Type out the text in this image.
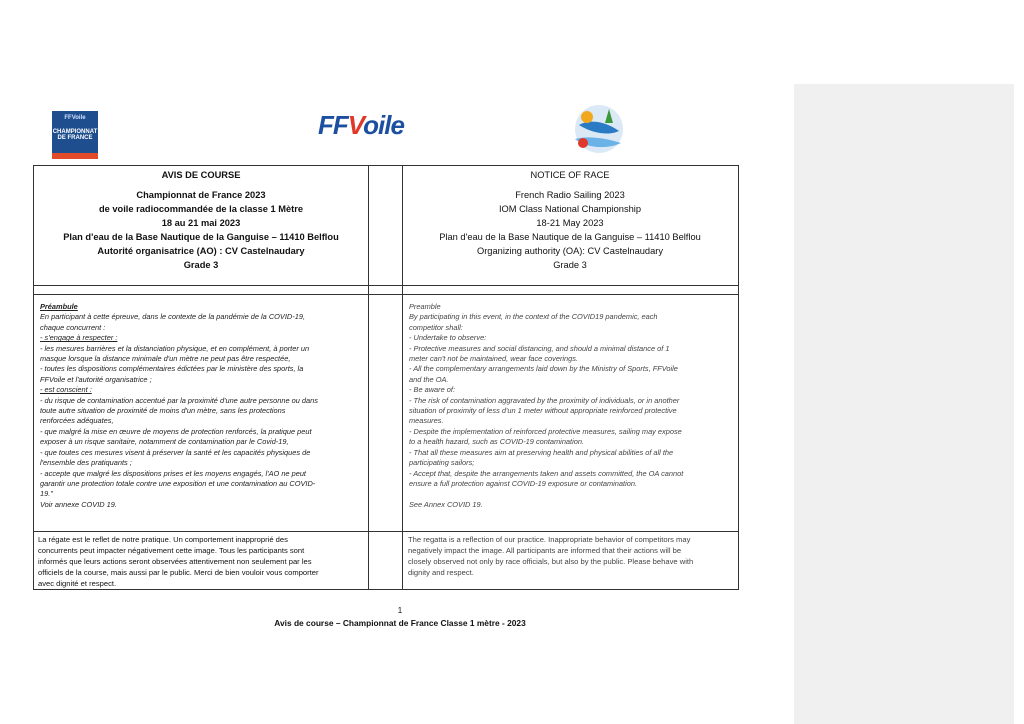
FFVoile
CHAMPIONNAT DE FRANCE	FFVoile
AVIS DE COURSE
Championnat de France 2023
de voile radiocommandée de la classe 1 Mètre
18 au 21 mai 2023
Plan d'eau de la Base Nautique de la Ganguise – 11410 Belflou
Autorité organisatrice (AO) : CV Castelnaudary
Grade 3
NOTICE OF RACE
French Radio Sailing 2023
IOM Class National Championship
18-21 May 2023
Plan d'eau de la Base Nautique de la Ganguise – 11410 Belflou
Organizing authority (OA): CV Castelnaudary
Grade 3
Préambule
En participant à cette épreuve, dans le contexte de la pandémie de la COVID-19,
chaque concurrent :
- s'engage à respecter :
- les mesures barrières et la distanciation physique, et en complément, à porter un
masque lorsque la distance minimale d'un mètre ne peut pas être respectée,
- toutes les dispositions complémentaires édictées par le ministère des sports, la
FFVoile et l'autorité organisatrice ;
- est conscient :
- du risque de contamination accentué par la proximité d'une autre personne ou dans
toute autre situation de proximité de moins d'un mètre, sans les protections
renforcées adéquates,
- que malgré la mise en œuvre de moyens de protection renforcés, la pratique peut
exposer à un risque sanitaire, notamment de contamination par le Covid-19,
- que toutes ces mesures visent à préserver la santé et les capacités physiques de
l'ensemble des pratiquants ;
- accepte que malgré les dispositions prises et les moyens engagés, l'AO ne peut
garantir une protection totale contre une exposition et une contamination au COVID-
19."
Voir annexe COVID 19.
Preamble
By participating in this event, in the context of the COVID19 pandemic, each
competitor shall:
- Undertake to observe:
- Protective measures and social distancing, and should a minimal distance of 1
meter can't not be maintained, wear face coverings.
- All the complementary arrangements laid down by the Ministry of Sports, FFVoile
and the OA.
- Be aware of:
- The risk of contamination aggravated by the proximity of individuals, or in another
situation of proximity of less d'un 1 meter without appropriate reinforced protective
measures.
- Despite the implementation of reinforced protective measures, sailing may expose
to a health hazard, such as COVID-19 contamination.
- That all these measures aim at preserving health and physical abilities of all the
participating sailors;
- Accept that, despite the arrangements taken and assets committed, the OA cannot
ensure a full protection against COVID-19 exposure or contamination.
See Annex COVID 19.
La régate est le reflet de notre pratique. Un comportement inapproprié des
concurrents peut impacter négativement cette image. Tous les participants sont
informés que leurs actions seront observées attentivement non seulement par les
officiels de la course, mais aussi par le public. Merci de bien vouloir vous comporter
avec dignité et respect.
The regatta is a reflection of our practice. Inappropriate behavior of competitors may
negatively impact the image. All participants are informed that their actions will be
closely observed not only by race officials, but also by the public. Please behave with
dignity and respect.
1
Avis de course – Championnat de France Classe 1 mètre - 2023
